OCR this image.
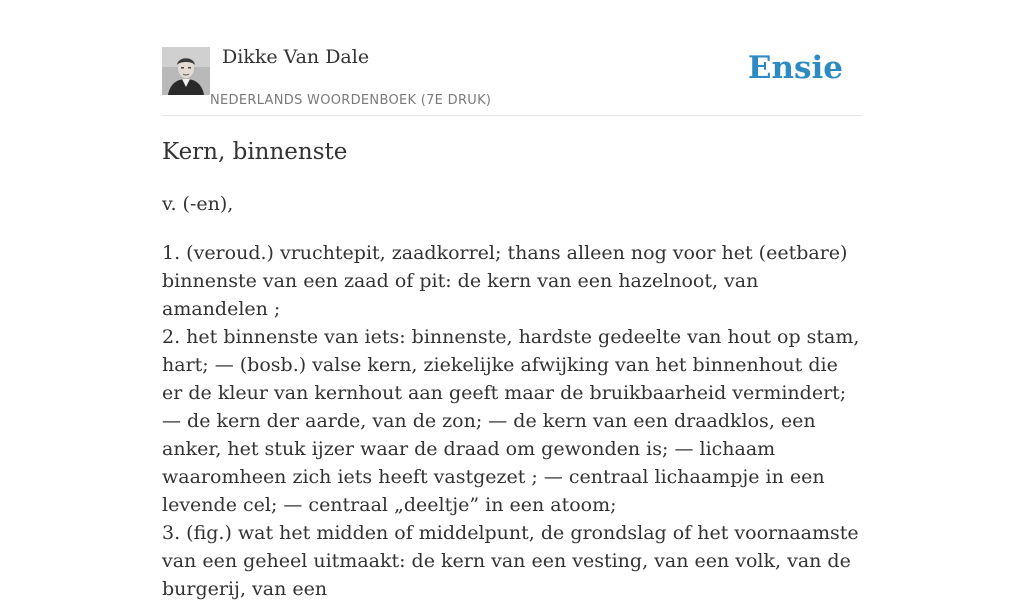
Dikke Van Dale
NEDERLANDS WOORDENBOEK (7E DRUK)
Ensie
Kern, binnenste
v. (-en),

1. (veroud.) vruchtepit, zaadkorrel; thans alleen nog voor het (eetbare) binnenste van een zaad of pit: de kern van een hazelnoot, van amandelen ;

2. het binnenste van iets: binnenste, hardste gedeelte van hout op stam, hart; — (bosb.) valse kern, ziekelijke afwijking van het binnenhout die er de kleur van kernhout aan geeft maar de bruikbaarheid vermindert; — de kern der aarde, van de zon; — de kern van een draadklos, een anker, het stuk ijzer waar de draad om gewonden is; — lichaam waaromheen zich iets heeft vastgezet ; — centraal lichaampje in een levende cel; — centraal „deeltje” in een atoom;

3. (fig.) wat het midden of middelpunt, de grondslag of het voornaamste van een geheel uitmaakt: de kern van een vesting, van een volk, van de burgerij, van een
